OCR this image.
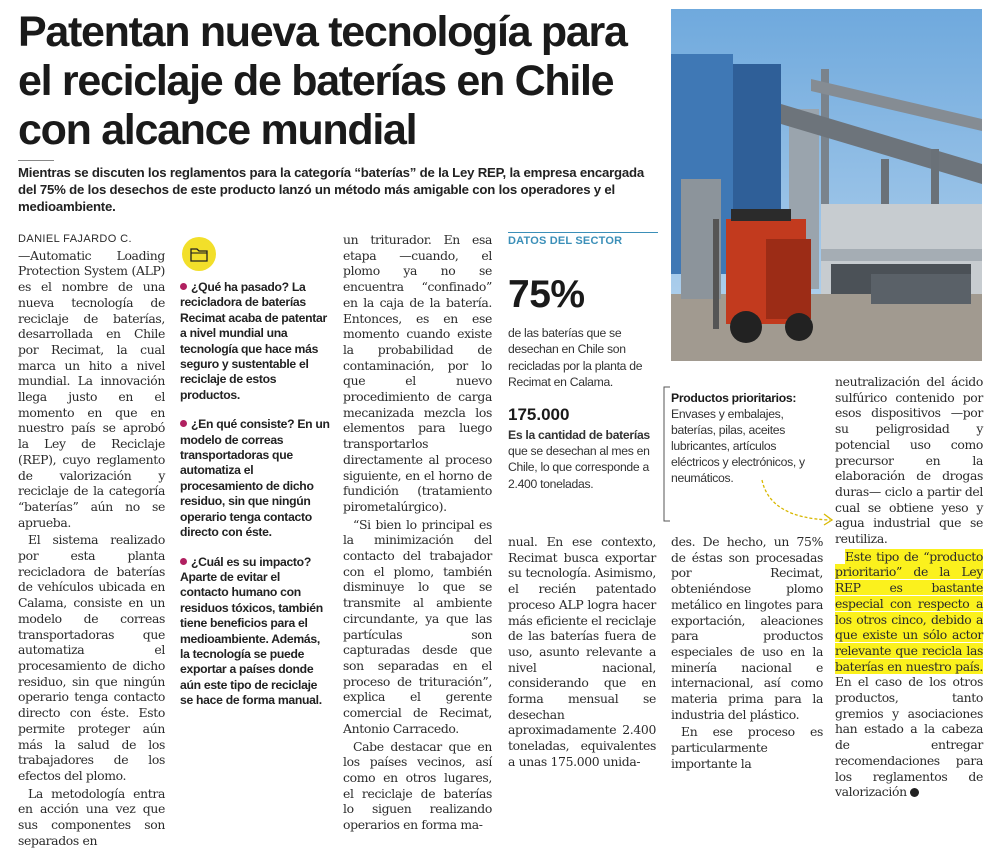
Patentan nueva tecnología para el reciclaje de baterías en Chile con alcance mundial
Mientras se discuten los reglamentos para la categoría “baterías” de la Ley REP, la empresa encargada del 75% de los desechos de este producto lanzó un método más amigable con los operadores y el medioambiente.

DANIEL FAJARDO C.

—Automatic Loading Protection System (ALP) es el nombre de una nueva tecnología de reciclaje de baterías, desarrollada en Chile por Recimat, la cual marca un hito a nivel mundial. La innovación llega justo en el momento en que en nuestro país se aprobó la Ley de Reciclaje (REP), cuyo reglamento de valorización y reciclaje de la categoría “baterías” aún no se aprueba.

El sistema realizado por esta planta recicladora de baterías de vehículos ubicada en Calama, consiste en un modelo de correas transportadoras que automatiza el procesamiento de dicho residuo, sin que ningún operario tenga contacto directo con éste. Esto permite proteger aún más la salud de los trabajadores de los efectos del plomo.

La metodología entra en acción una vez que sus componentes son separados en

¿Qué ha pasado? La recicladora de baterías Recimat acaba de patentar a nivel mundial una tecnología que hace más seguro y sustentable el reciclaje de estos productos.
¿En qué consiste? En un modelo de correas transportadoras que automatiza el procesamiento de dicho residuo, sin que ningún operario tenga contacto directo con éste.
¿Cuál es su impacto? Aparte de evitar el contacto humano con residuos tóxicos, también tiene beneficios para el medioambiente. Además, la tecnología se puede exportar a países donde aún este tipo de reciclaje se hace de forma manual.

un triturador. En esa etapa —cuando, el plomo ya no se encuentra “confinado” en la caja de la batería. Entonces, es en ese momento cuando existe la probabilidad de contaminación, por lo que el nuevo procedimiento de carga mecanizada mezcla los elementos para luego transportarlos directamente al proceso siguiente, en el horno de fundición (tratamiento pirometalúrgico).

“Si bien lo principal es la minimización del contacto del trabajador con el plomo, también disminuye lo que se transmite al ambiente circundante, ya que las partículas son capturadas desde que son separadas en el proceso de trituración”, explica el gerente comercial de Recimat, Antonio Carracedo.

Cabe destacar que en los países vecinos, así como en otros lugares, el reciclaje de baterías lo siguen realizando operarios en forma ma-

DATOS DEL SECTOR
75%
de las baterías que se desechan en Chile son recicladas por la planta de Recimat en Calama.
175.000
Es la cantidad de baterías que se desechan al mes en Chile, lo que corresponde a 2.400 toneladas.
Productos prioritarios:
Envases y embalajes, baterías, pilas, aceites lubricantes, artículos eléctricos y electrónicos, y neumáticos.

nual. En ese contexto, Recimat busca exportar su tecnología. Asimismo, el recién patentado proceso ALP logra hacer más eficiente el reciclaje de las baterías fuera de uso, asunto relevante a nivel nacional, considerando que en forma mensual se desechan aproximadamente 2.400 toneladas, equivalentes a unas 175.000 unida-

des. De hecho, un 75% de éstas son procesadas por Recimat, obteniéndose plomo metálico en lingotes para exportación, aleaciones para productos especiales de uso en la minería nacional e internacional, así como materia prima para la industria del plástico.

En ese proceso es particularmente importante la

neutralización del ácido sulfúrico contenido por esos dispositivos —por su peligrosidad y potencial uso como precursor en la elaboración de drogas duras— ciclo a partir del cual se obtiene yeso y agua industrial que se reutiliza.

Este tipo de “producto prioritario” de la Ley REP es bastante especial con respecto a los otros cinco, debido a que existe un sólo actor relevante que recicla las baterías en nuestro país. En el caso de los otros productos, tanto gremios y asociaciones han estado a la cabeza de entregar recomendaciones para los reglamentos de valorización
